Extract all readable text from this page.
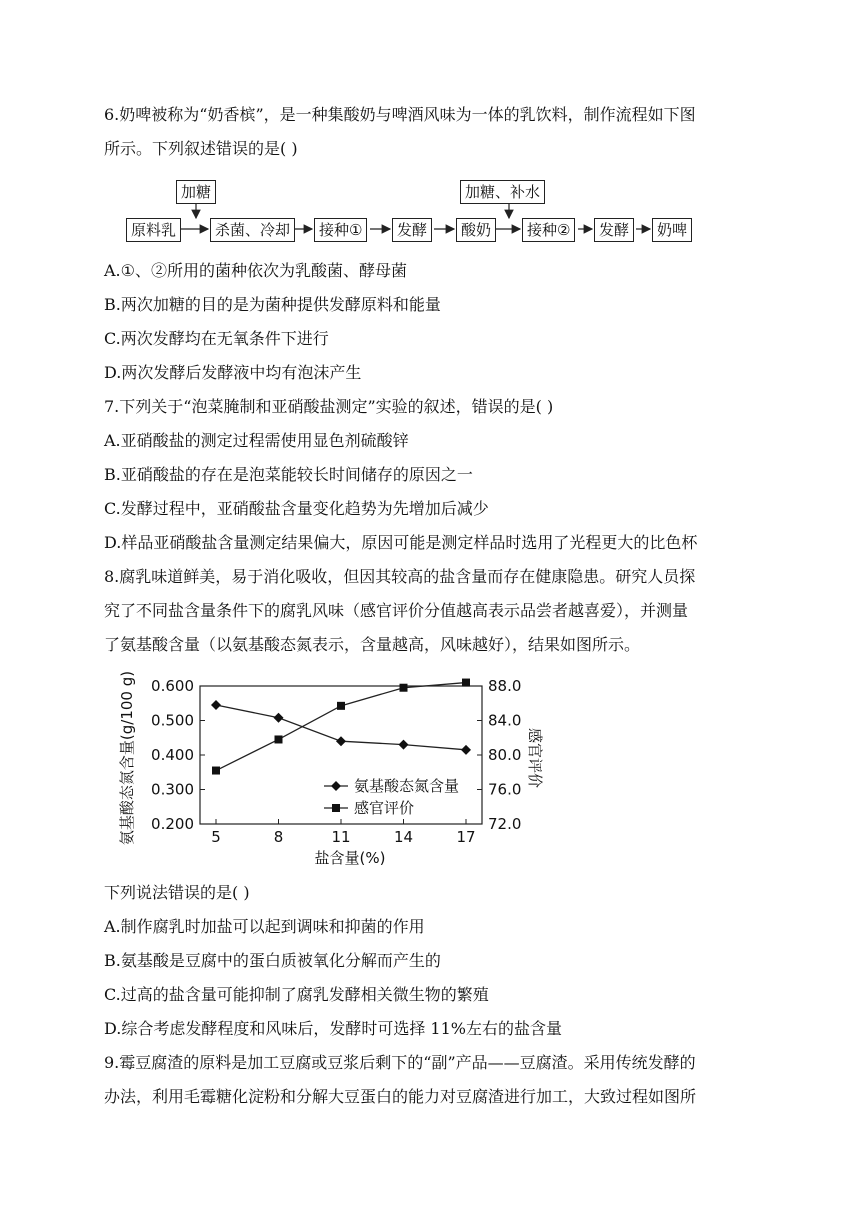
6.奶啤被称为“奶香槟”，是一种集酸奶与啤酒风味为一体的乳饮料，制作流程如下图
所示。下列叙述错误的是( )
加糖	加糖、补水
原料乳	杀菌、冷却	接种①	发酵	酸奶	接种②	发酵	奶啤
A.①、②所用的菌种依次为乳酸菌、酵母菌
B.两次加糖的目的是为菌种提供发酵原料和能量
C.两次发酵均在无氧条件下进行
D.两次发酵后发酵液中均有泡沫产生
7.下列关于“泡菜腌制和亚硝酸盐测定”实验的叙述，错误的是( )
A.亚硝酸盐的测定过程需使用显色剂硫酸锌
B.亚硝酸盐的存在是泡菜能较长时间储存的原因之一
C.发酵过程中，亚硝酸盐含量变化趋势为先增加后减少
D.样品亚硝酸盐含量测定结果偏大，原因可能是测定样品时选用了光程更大的比色杯
8.腐乳味道鲜美，易于消化吸收，但因其较高的盐含量而存在健康隐患。研究人员探
究了不同盐含量条件下的腐乳风味（感官评价分值越高表示品尝者越喜爱），并测量
了氨基酸含量（以氨基酸态氮表示，含量越高，风味越好），结果如图所示。
0.200
0.300
0.400
0.500
0.600
72.0
76.0
80.0
84.0
88.0
5	8	11	14	17
氨基酸态氮含量
感官评价
氨基酸态氮含量(g/100 g)	感官评价
盐含量(%)
下列说法错误的是( )
A.制作腐乳时加盐可以起到调味和抑菌的作用
B.氨基酸是豆腐中的蛋白质被氧化分解而产生的
C.过高的盐含量可能抑制了腐乳发酵相关微生物的繁殖
D.综合考虑发酵程度和风味后，发酵时可选择 11%左右的盐含量
9.霉豆腐渣的原料是加工豆腐或豆浆后剩下的“副”产品——豆腐渣。采用传统发酵的
办法，利用毛霉糖化淀粉和分解大豆蛋白的能力对豆腐渣进行加工，大致过程如图所
